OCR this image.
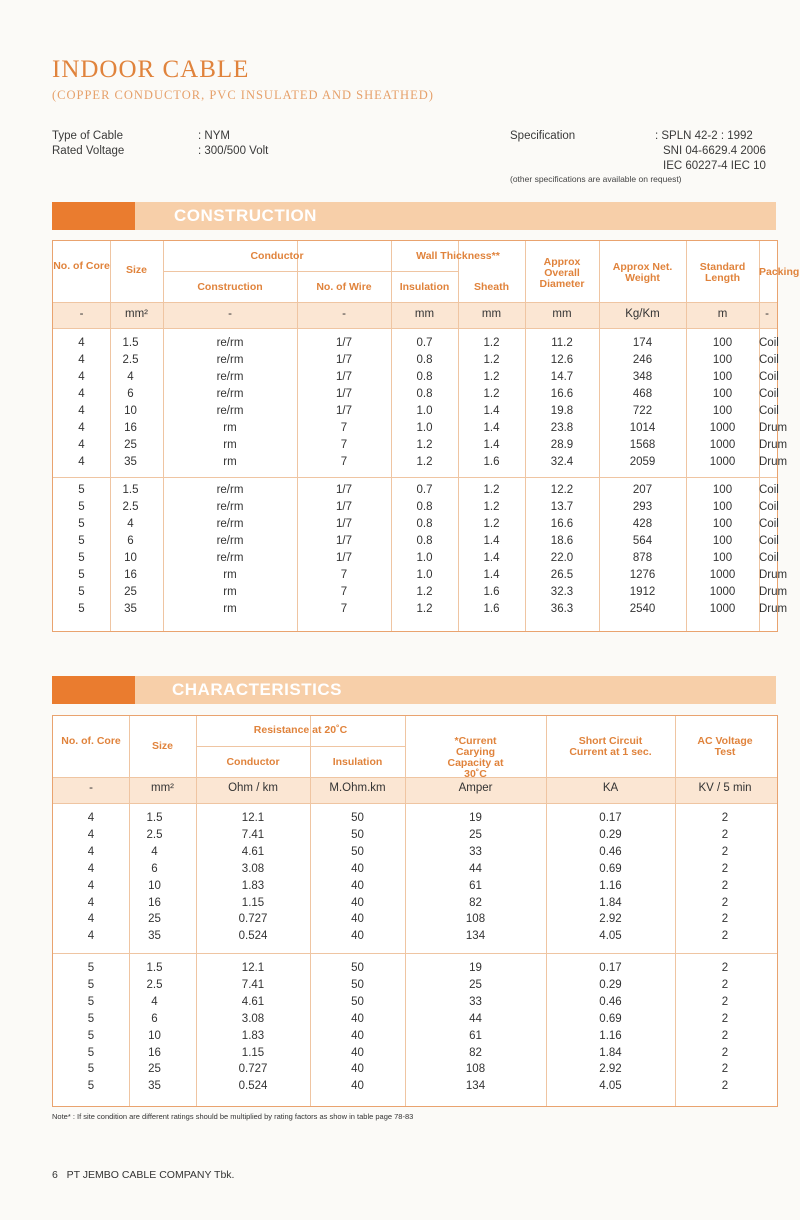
INDOOR CABLE
(COPPER CONDUCTOR, PVC INSULATED AND SHEATHED)
Type of Cable
Rated Voltage
: NYM
: 300/500 Volt
Specification	: SPLN 42-2 : 1992
SNI 04-6629.4 2006
IEC 60227-4 IEC 10
(other specifications are available on request)
CONSTRUCTION
No. of Core	Size
Conductor
Construction	No. of Wire
Wall Thickness**
Insulation	Sheath
Approx Overall Diameter
Approx Net. Weight
Standard Length	Packing
-	mm²	-	-	mm	mm	mm	Kg/Km	m	-
4	1.5	re/rm	1/7	0.7	1.2	11.2	174	100	Coil
4	2.5	re/rm	1/7	0.8	1.2	12.6	246	100	Coil
4	4	re/rm	1/7	0.8	1.2	14.7	348	100	Coil
4	6	re/rm	1/7	0.8	1.2	16.6	468	100	Coil
4	10	re/rm	1/7	1.0	1.4	19.8	722	100	Coil
4	16	rm	7	1.0	1.4	23.8	1014	1000	Drum
4	25	rm	7	1.2	1.4	28.9	1568	1000	Drum
4	35	rm	7	1.2	1.6	32.4	2059	1000	Drum
5	1.5	re/rm	1/7	0.7	1.2	12.2	207	100	Coil
5	2.5	re/rm	1/7	0.8	1.2	13.7	293	100	Coil
5	4	re/rm	1/7	0.8	1.2	16.6	428	100	Coil
5	6	re/rm	1/7	0.8	1.4	18.6	564	100	Coil
5	10	re/rm	1/7	1.0	1.4	22.0	878	100	Coil
5	16	rm	7	1.0	1.4	26.5	1276	1000	Drum
5	25	rm	7	1.2	1.6	32.3	1912	1000	Drum
5	35	rm	7	1.2	1.6	36.3	2540	1000	Drum
CHARACTERISTICS
No. of. Core	Size
Resistance at 20˚C
Conductor	Insulation
*Current Carying Capacity at 30˚C
Short Circuit Current at 1 sec.
AC Voltage Test
-	mm²	Ohm / km	M.Ohm.km	Amper	KA	KV / 5 min
4	1.5	12.1	50	19	0.17	2
4	2.5	7.41	50	25	0.29	2
4	4	4.61	50	33	0.46	2
4	6	3.08	40	44	0.69	2
4	10	1.83	40	61	1.16	2
4	16	1.15	40	82	1.84	2
4	25	0.727	40	108	2.92	2
4	35	0.524	40	134	4.05	2
5	1.5	12.1	50	19	0.17	2
5	2.5	7.41	50	25	0.29	2
5	4	4.61	50	33	0.46	2
5	6	3.08	40	44	0.69	2
5	10	1.83	40	61	1.16	2
5	16	1.15	40	82	1.84	2
5	25	0.727	40	108	2.92	2
5	35	0.524	40	134	4.05	2
Note* : If site condition are different ratings should be multiplied by rating factors as show in table page 78-83
6 PT JEMBO CABLE COMPANY Tbk.
